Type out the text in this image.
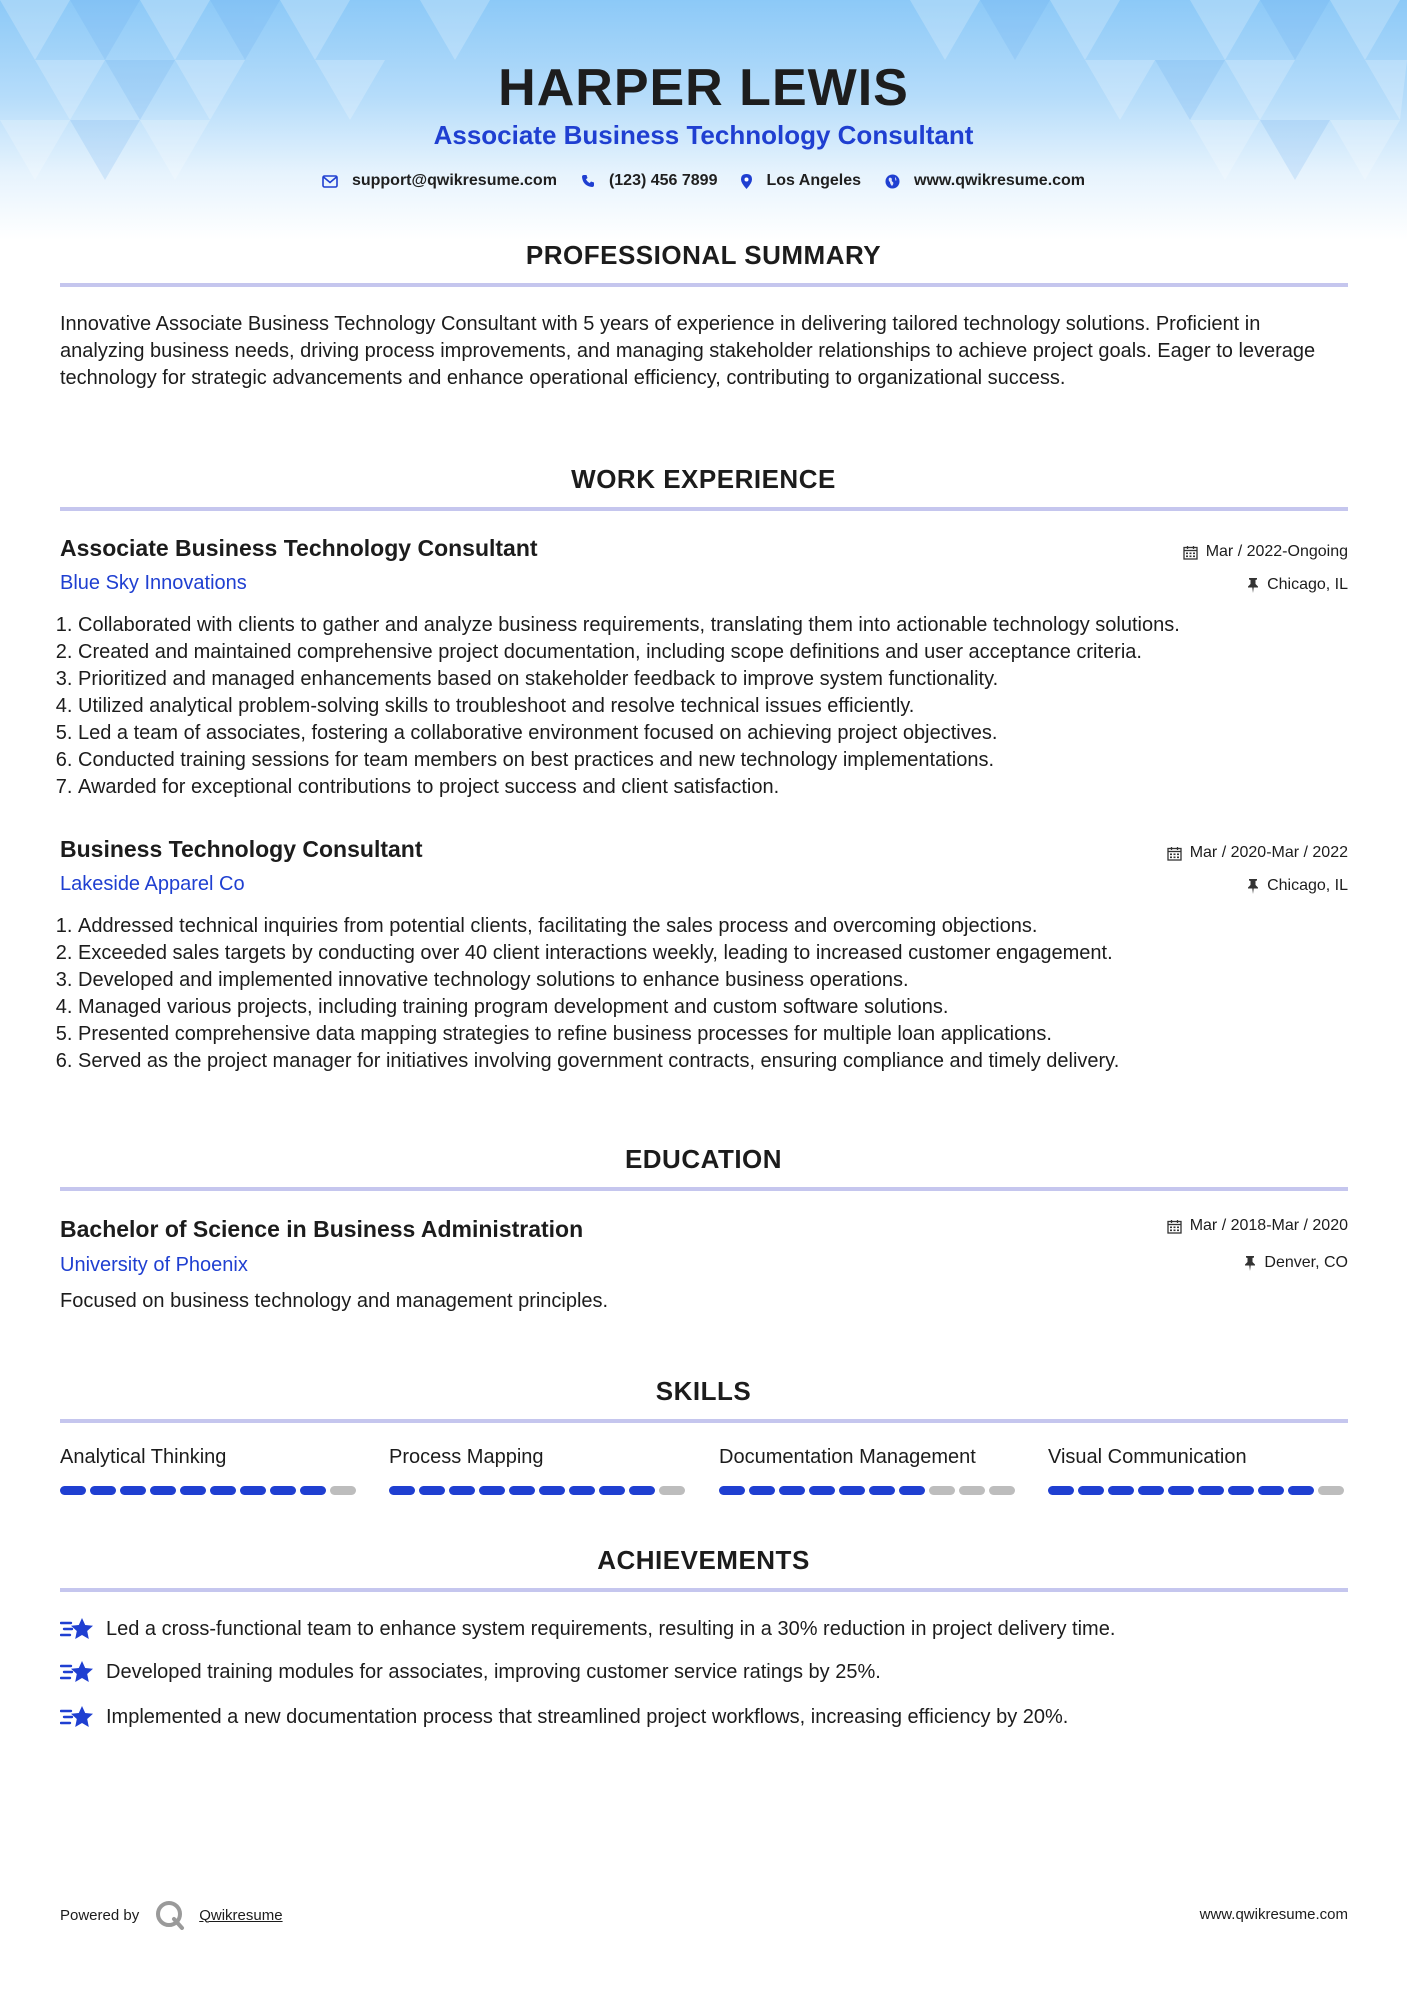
HARPER LEWIS
Associate Business Technology Consultant
support@qwikresume.com	(123) 456 7899	Los Angeles	www.qwikresume.com
PROFESSIONAL SUMMARY
Innovative Associate Business Technology Consultant with 5 years of experience in delivering tailored technology solutions. Proficient in analyzing business needs, driving process improvements, and managing stakeholder relationships to achieve project goals. Eager to leverage technology for strategic advancements and enhance operational efficiency, contributing to organizational success.
WORK EXPERIENCE
Associate Business Technology Consultant	Mar / 2022-Ongoing
Blue Sky Innovations	Chicago, IL
1. Collaborated with clients to gather and analyze business requirements, translating them into actionable technology solutions.
2. Created and maintained comprehensive project documentation, including scope definitions and user acceptance criteria.
3. Prioritized and managed enhancements based on stakeholder feedback to improve system functionality.
4. Utilized analytical problem-solving skills to troubleshoot and resolve technical issues efficiently.
5. Led a team of associates, fostering a collaborative environment focused on achieving project objectives.
6. Conducted training sessions for team members on best practices and new technology implementations.
7. Awarded for exceptional contributions to project success and client satisfaction.
Business Technology Consultant	Mar / 2020-Mar / 2022
Lakeside Apparel Co	Chicago, IL
1. Addressed technical inquiries from potential clients, facilitating the sales process and overcoming objections.
2. Exceeded sales targets by conducting over 40 client interactions weekly, leading to increased customer engagement.
3. Developed and implemented innovative technology solutions to enhance business operations.
4. Managed various projects, including training program development and custom software solutions.
5. Presented comprehensive data mapping strategies to refine business processes for multiple loan applications.
6. Served as the project manager for initiatives involving government contracts, ensuring compliance and timely delivery.
EDUCATION
Bachelor of Science in Business Administration	Mar / 2018-Mar / 2020
University of Phoenix	Denver, CO
Focused on business technology and management principles.
SKILLS
Analytical Thinking	Process Mapping	Documentation Management	Visual Communication
ACHIEVEMENTS
Led a cross-functional team to enhance system requirements, resulting in a 30% reduction in project delivery time.
Developed training modules for associates, improving customer service ratings by 25%.
Implemented a new documentation process that streamlined project workflows, increasing efficiency by 20%.
Powered by	Qwikresume	www.qwikresume.com
